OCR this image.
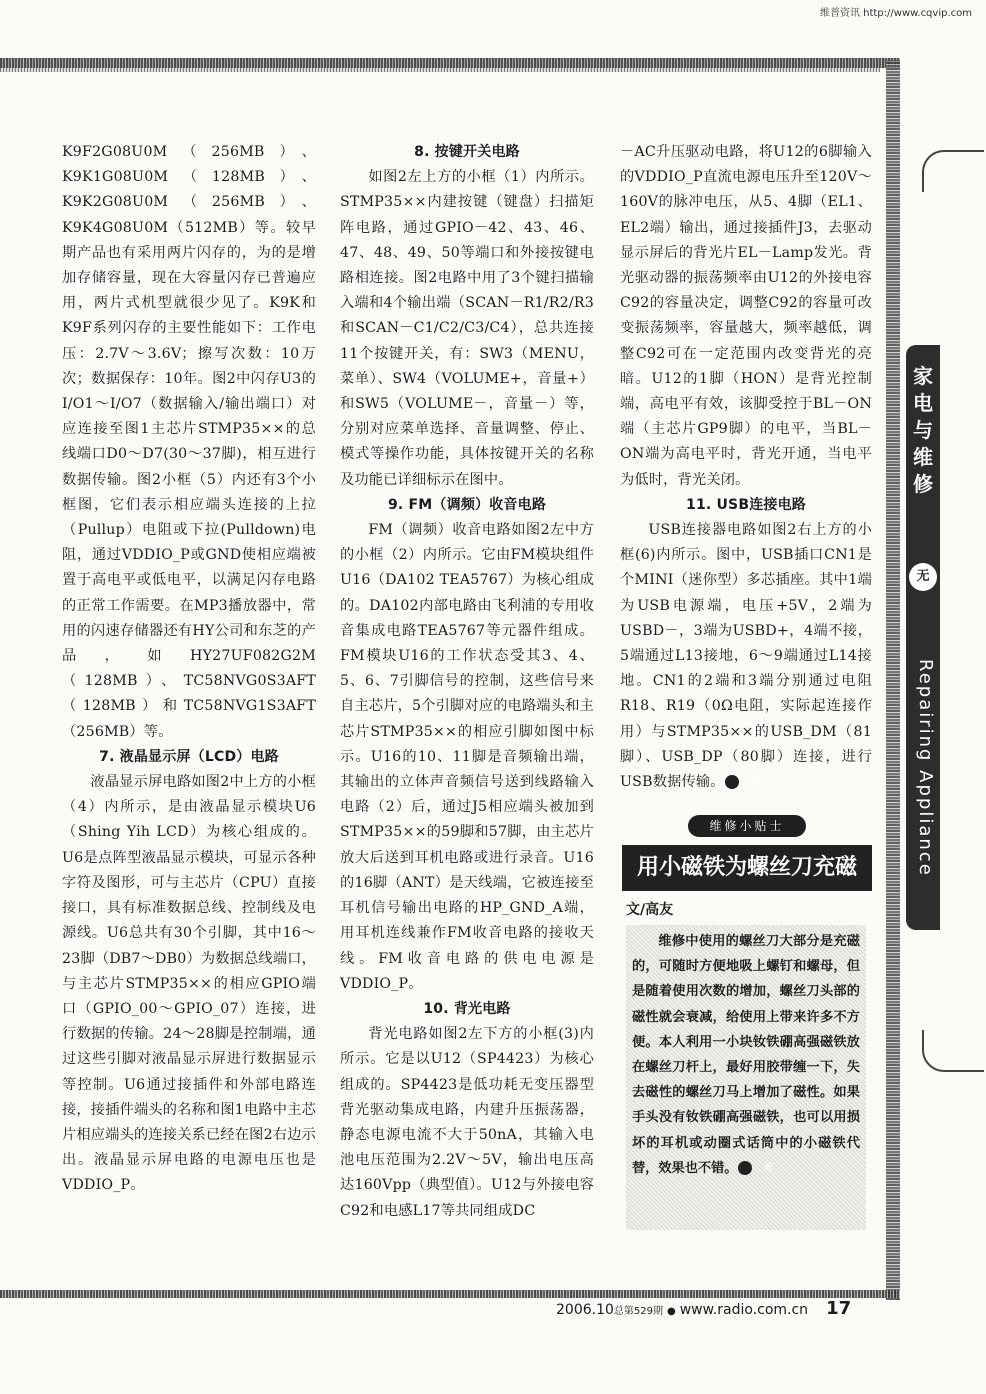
维普资讯 http://www.cqvip.com

K9F2G08U0M（256MB）、K9K1G08U0M（128MB）、K9K2G08U0M（256MB）、K9K4G08U0M（512MB）等。较早期产品也有采用两片闪存的，为的是增加存储容量，现在大容量闪存已普遍应用，两片式机型就很少见了。K9K和K9F系列闪存的主要性能如下：工作电压：2.7V～3.6V；擦写次数：10万次；数据保存：10年。图2中闪存U3的I/O1～I/O7（数据输入/输出端口）对应连接至图1主芯片STMP35××的总线端口D0～D7(30～37脚)，相互进行数据传输。图2小框（5）内还有3个小框图，它们表示相应端头连接的上拉（Pullup）电阻或下拉(Pulldown)电阻，通过VDDIO_P或GND使相应端被置于高电平或低电平，以满足闪存电路的正常工作需要。在MP3播放器中，常用的闪速存储器还有HY公司和东芝的产品，如HY27UF082G2M（128MB）、TC58NVG0S3AFT（128MB）和TC58NVG1S3AFT（256MB）等。

7. 液晶显示屏（LCD）电路

液晶显示屏电路如图2中上方的小框（4）内所示，是由液晶显示模块U6（Shing Yih LCD）为核心组成的。U6是点阵型液晶显示模块，可显示各种字符及图形，可与主芯片（CPU）直接接口，具有标准数据总线、控制线及电源线。U6总共有30个引脚，其中16～23脚（DB7～DB0）为数据总线端口，与主芯片STMP35××的相应GPIO端口（GPIO_00～GPIO_07）连接，进行数据的传输。24～28脚是控制端，通过这些引脚对液晶显示屏进行数据显示等控制。U6通过接插件和外部电路连接，接插件端头的名称和图1电路中主芯片相应端头的连接关系已经在图2右边示出。液晶显示屏电路的电源电压也是VDDIO_P。

8. 按键开关电路

如图2左上方的小框（1）内所示。STMP35××内建按键（键盘）扫描矩阵电路，通过GPIO－42、43、46、47、48、49、50等端口和外接按键电路相连接。图2电路中用了3个键扫描输入端和4个输出端（SCAN－R1/R2/R3和SCAN－C1/C2/C3/C4），总共连接11个按键开关，有：SW3（MENU，菜单）、SW4（VOLUME+，音量+）和SW5（VOLUME－，音量－）等，分别对应菜单选择、音量调整、停止、模式等操作功能，具体按键开关的名称及功能已详细标示在图中。

9. FM（调频）收音电路

FM（调频）收音电路如图2左中方的小框（2）内所示。它由FM模块组件U16（DA102 TEA5767）为核心组成的。DA102内部电路由飞利浦的专用收音集成电路TEA5767等元器件组成。FM模块U16的工作状态受其3、4、5、6、7引脚信号的控制，这些信号来自主芯片，5个引脚对应的电路端头和主芯片STMP35××的相应引脚如图中标示。U16的10、11脚是音频输出端，其输出的立体声音频信号送到线路输入电路（2）后，通过J5相应端头被加到STMP35××的59脚和57脚，由主芯片放大后送到耳机电路或进行录音。U16的16脚（ANT）是天线端，它被连接至耳机信号输出电路的HP_GND_A端，用耳机连线兼作FM收音电路的接收天线。FM收音电路的供电电源是VDDIO_P。

10. 背光电路

背光电路如图2左下方的小框(3)内所示。它是以U12（SP4423）为核心组成的。SP4423是低功耗无变压器型背光驱动集成电路，内建升压振荡器，静态电源电流不大于50nA，其输入电池电压范围为2.2V～5V，输出电压高达160Vpp（典型值）。U12与外接电容C92和电感L17等共同组成DC

－AC升压驱动电路，将U12的6脚输入的VDDIO_P直流电源电压升至120V～160V的脉冲电压，从5、4脚（EL1、EL2端）输出，通过接插件J3，去驱动显示屏后的背光片EL－Lamp发光。背光驱动器的振荡频率由U12的外接电容C92的容量决定，调整C92的容量可改变振荡频率，容量越大，频率越低，调整C92可在一定范围内改变背光的亮暗。U12的1脚（HON）是背光控制端，高电平有效，该脚受控于BL－ON端（主芯片GP9脚）的电平，当BL－ON端为高电平时，背光开通，当电平为低时，背光关闭。

11. USB连接电路

USB连接器电路如图2右上方的小框(6)内所示。图中，USB插口CN1是个MINI（迷你型）多芯插座。其中1端为USB电源端，电压+5V，2端为USBD－，3端为USBD+，4端不接，5端通过L13接地，6～9端通过L14接地。CN1的2端和3端分别通过电阻R18、R19（0Ω电阻，实际起连接作用）与STMP35××的USB_DM（81脚）、USB_DP（80脚）连接，进行USB数据传输。	无

维修小贴士
用小磁铁为螺丝刀充磁
文/高友

维修中使用的螺丝刀大部分是充磁的，可随时方便地吸上螺钉和螺母，但是随着使用次数的增加，螺丝刀头部的磁性就会衰减，给使用上带来许多不方便。本人利用一小块钕铁硼高强磁铁放在螺丝刀杆上，最好用胶带缠一下，失去磁性的螺丝刀马上增加了磁性。如果手头没有钕铁硼高强磁铁，也可以用损坏的耳机或动圈式话筒中的小磁铁代替，效果也不错。	无

家
电
与
维
修
无
Repairing Appliance
2006.10总第529期 ● www.radio.com.cn 17
